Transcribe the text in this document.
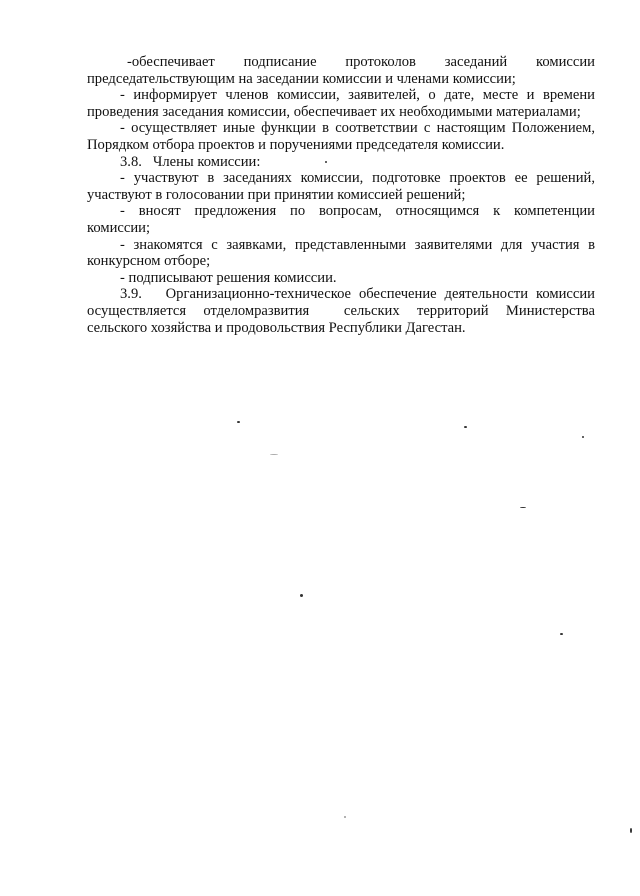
-обеспечивает подписание протоколов заседаний комиссии
председательствующим на заседании комиссии и членами комиссии;

- информирует членов комиссии, заявителей, о дате, месте и времени
проведения заседания комиссии, обеспечивает их необходимыми материалами;

- осуществляет иные функции в соответствии с настоящим Положением,
Порядком отбора проектов и поручениями председателя комиссии.

3.8.   Члены комиссии:

- участвуют в заседаниях комиссии, подготовке проектов ее решений,
участвуют в голосовании при принятии комиссией решений;

- вносят предложения по вопросам, относящимся к компетенции
комиссии;

- знакомятся с заявками, представленными заявителями для участия в
конкурсном отборе;

- подписывают решения комиссии.

3.9.   Организационно-техническое обеспечение деятельности комиссии
осуществляется отделомразвития  сельских территорий Министерства
сельского хозяйства и продовольствия Республики Дагестан.
